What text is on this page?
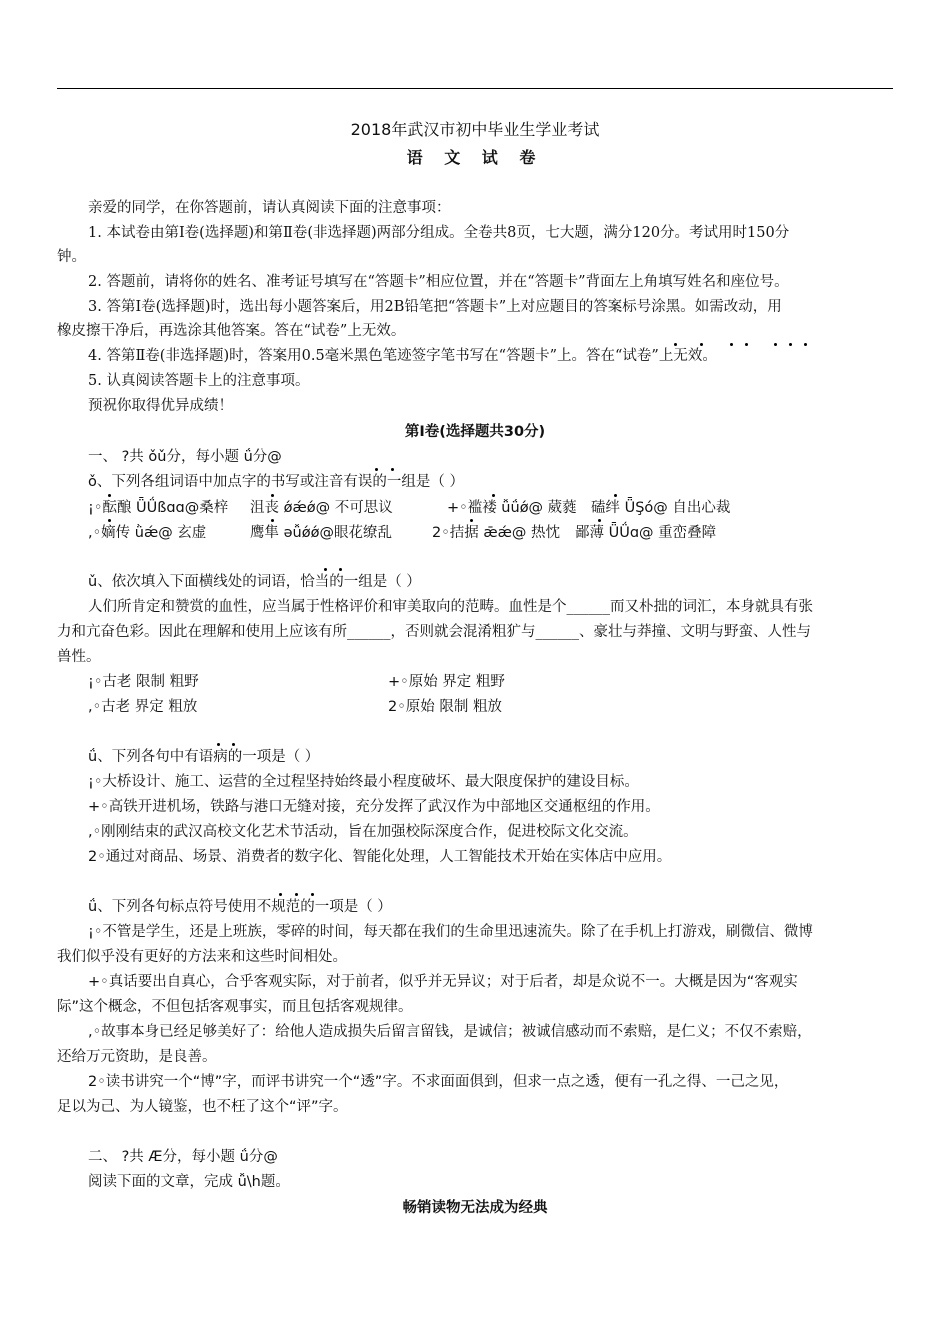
2018年武汉市初中毕业生学业考试
语 文 试 卷
亲爱的同学，在你答题前，请认真阅读下面的注意事项：
1. 本试卷由第Ⅰ卷(选择题)和第Ⅱ卷(非选择题)两部分组成。全卷共8页，七大题，满分120分。考试用时150分
钟。
2. 答题前，请将你的姓名、准考证号填写在“答题卡”相应位置，并在“答题卡”背面左上角填写姓名和座位号。
3. 答第Ⅰ卷(选择题)时，选出每小题答案后，用2B铅笔把“答题卡”上对应题目的答案标号涂黑。如需改动，用
橡皮擦干净后，再选涂其他答案。答在“试卷”上无效。
4. 答第Ⅱ卷(非选择题)时，答案用0.5毫米黑色笔迹签字笔书写在“答题卡”上。答在“试卷”上无效。
5. 认真阅读答题卡上的注意事项。
预祝你取得优异成绩！
第Ⅰ卷(选择题共30分)
一、 ?共 ǒǔ分，每小题 ǘ分@
ǒ、下列各组词语中加点字的书写或注音有误的一组是（ ）
¡◦酝酿 ǕǗßɑɑ@桑梓 沮丧 ǿǽǿ@ 不可思议	+◦褴褛 ǚǘǿ@ 葳蕤 磕绊 ǕŞó@ 自出心裁
,◦嫡传 ǜǽ@ 玄虚	鹰隼 ǝǚǿǿ@眼花缭乱	2◦拮据 ǣǽ@ 热忱 鄙薄 ǕǗɑ@ 重峦叠障
ǔ、依次填入下面横线处的词语，恰当的一组是（ ）
人们所肯定和赞赏的血性，应当属于性格评价和审美取向的范畴。血性是个______而又朴拙的词汇，本身就具有张
力和亢奋色彩。因此在理解和使用上应该有所______，否则就会混淆粗犷与______、豪壮与莽撞、文明与野蛮、人性与
兽性。
¡◦古老 限制 粗野	+◦原始 界定 粗野
,◦古老 界定 粗放	2◦原始 限制 粗放
ǘ、下列各句中有语病的一项是（ ）
¡◦大桥设计、施工、运营的全过程坚持始终最小程度破坏、最大限度保护的建设目标。
+◦高铁开进机场，铁路与港口无缝对接，充分发挥了武汉作为中部地区交通枢纽的作用。
,◦刚刚结束的武汉高校文化艺术节活动，旨在加强校际深度合作，促进校际文化交流。
2◦通过对商品、场景、消费者的数字化、智能化处理，人工智能技术开始在实体店中应用。
ǘ、下列各句标点符号使用不规范的一项是（ ）
¡◦不管是学生，还是上班族，零碎的时间，每天都在我们的生命里迅速流失。除了在手机上打游戏，刷微信、微博
我们似乎没有更好的方法来和这些时间相处。
+◦真话要出自真心，合乎客观实际，对于前者，似乎并无异议；对于后者，却是众说不一。大概是因为“客观实
际”这个概念，不但包括客观事实，而且包括客观规律。
,◦故事本身已经足够美好了：给他人造成损失后留言留钱，是诚信；被诚信感动而不索赔，是仁义；不仅不索赔，
还给万元资助，是良善。
2◦读书讲究一个“博”字，而评书讲究一个“透”字。不求面面俱到，但求一点之透，便有一孔之得、一己之见，
足以为己、为人镜鉴，也不枉了这个“评”字。
二、 ?共 Æ分，每小题 ǘ分@
阅读下面的文章，完成 ǚ\h题。
畅销读物无法成为经典
